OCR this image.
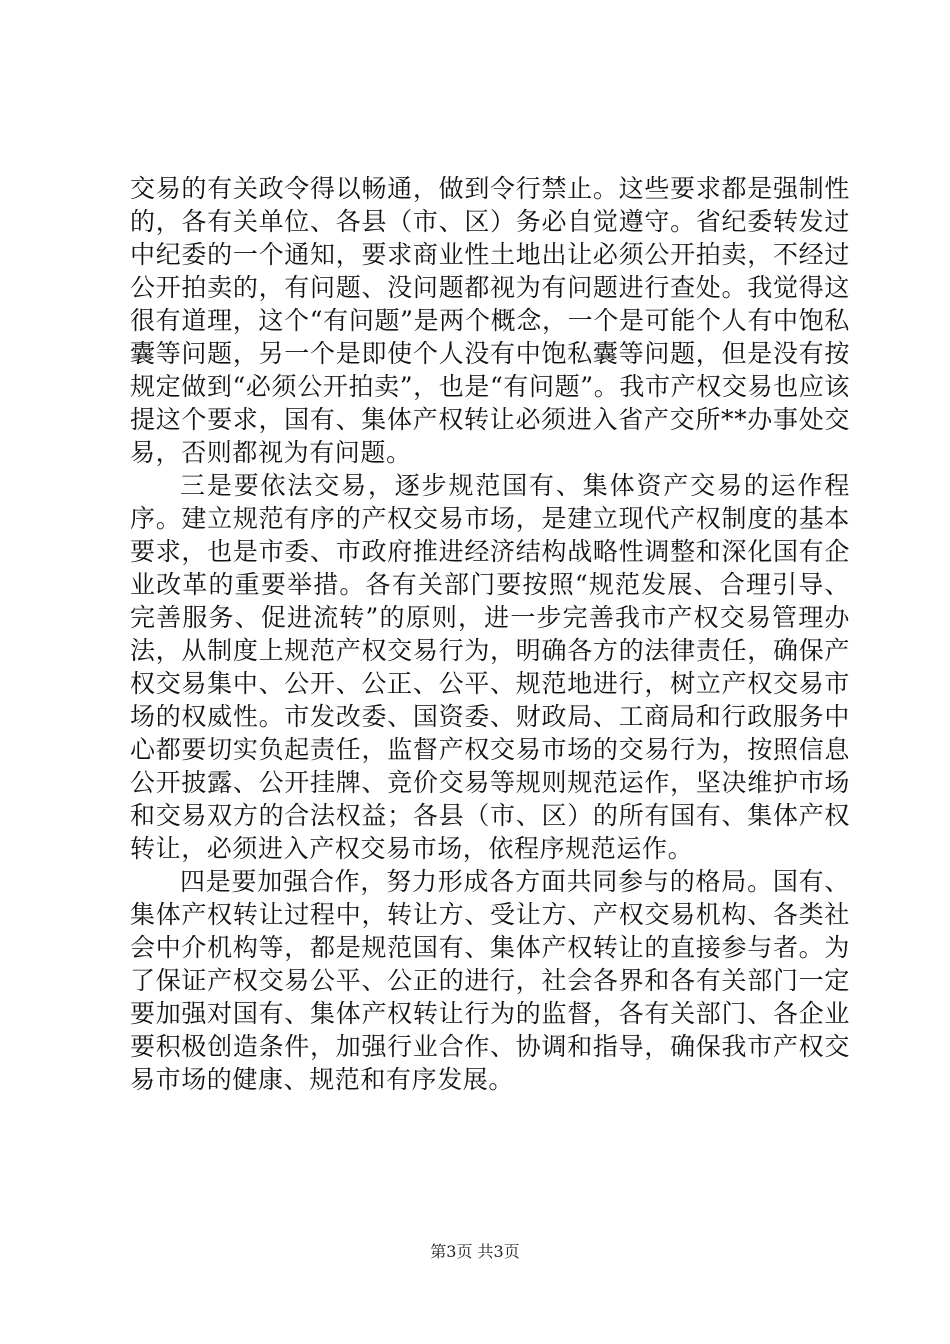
交易的有关政令得以畅通，做到令行禁止。这些要求都是强制性的，各有关单位、各县（市、区）务必自觉遵守。省纪委转发过中纪委的一个通知，要求商业性土地出让必须公开拍卖，不经过公开拍卖的，有问题、没问题都视为有问题进行查处。我觉得这很有道理，这个“有问题”是两个概念，一个是可能个人有中饱私囊等问题，另一个是即使个人没有中饱私囊等问题，但是没有按规定做到“必须公开拍卖”，也是“有问题”。我市产权交易也应该提这个要求，国有、集体产权转让必须进入省产交所**办事处交易，否则都视为有问题。

三是要依法交易，逐步规范国有、集体资产交易的运作程序。建立规范有序的产权交易市场，是建立现代产权制度的基本要求，也是市委、市政府推进经济结构战略性调整和深化国有企业改革的重要举措。各有关部门要按照“规范发展、合理引导、完善服务、促进流转”的原则，进一步完善我市产权交易管理办法，从制度上规范产权交易行为，明确各方的法律责任，确保产权交易集中、公开、公正、公平、规范地进行，树立产权交易市场的权威性。市发改委、国资委、财政局、工商局和行政服务中心都要切实负起责任，监督产权交易市场的交易行为，按照信息公开披露、公开挂牌、竞价交易等规则规范运作，坚决维护市场和交易双方的合法权益；各县（市、区）的所有国有、集体产权转让，必须进入产权交易市场，依程序规范运作。

四是要加强合作，努力形成各方面共同参与的格局。国有、集体产权转让过程中，转让方、受让方、产权交易机构、各类社会中介机构等，都是规范国有、集体产权转让的直接参与者。为了保证产权交易公平、公正的进行，社会各界和各有关部门一定要加强对国有、集体产权转让行为的监督，各有关部门、各企业要积极创造条件，加强行业合作、协调和指导，确保我市产权交易市场的健康、规范和有序发展。

第3页 共3页
